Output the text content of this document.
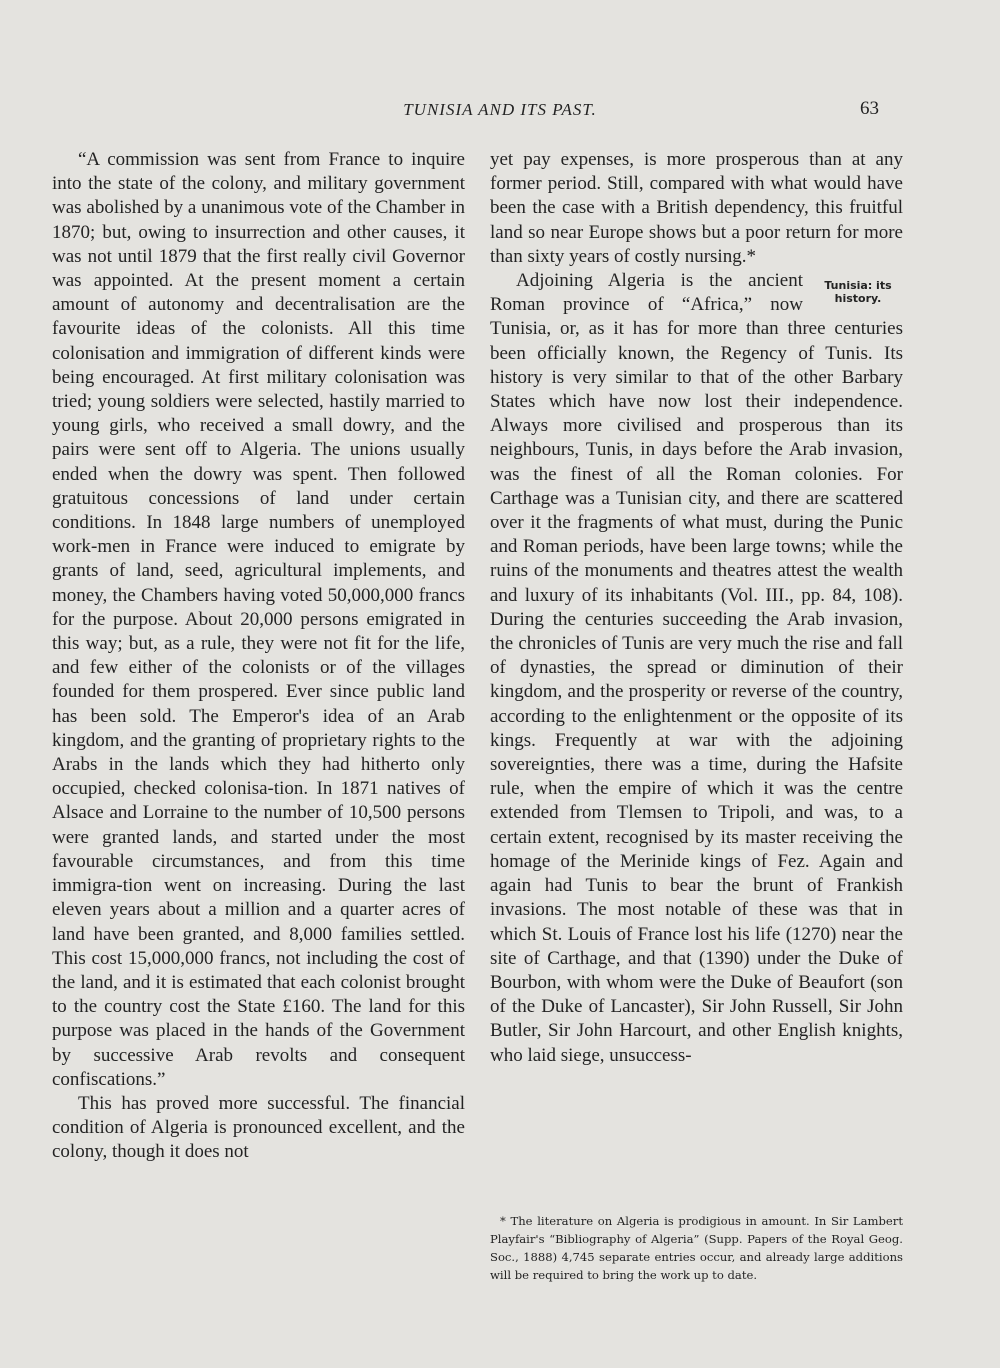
TUNISIA AND ITS PAST.	63

“A commission was sent from France to inquire into the state of the colony, and military government was abolished by a unanimous vote of the Chamber in 1870; but, owing to insurrection and other causes, it was not until 1879 that the first really civil Governor was appointed. At the present moment a certain amount of autonomy and decentralisation are the favourite ideas of the colonists. All this time colonisation and immigration of different kinds were being encouraged. At first military colonisation was tried; young soldiers were selected, hastily married to young girls, who received a small dowry, and the pairs were sent off to Algeria. The unions usually ended when the dowry was spent. Then followed gratuitous concessions of land under certain conditions. In 1848 large numbers of unemployed work-men in France were induced to emigrate by grants of land, seed, agricultural implements, and money, the Chambers having voted 50,000,000 francs for the purpose. About 20,000 persons emigrated in this way; but, as a rule, they were not fit for the life, and few either of the colonists or of the villages founded for them prospered. Ever since public land has been sold. The Emperor's idea of an Arab kingdom, and the granting of proprietary rights to the Arabs in the lands which they had hitherto only occupied, checked colonisa-tion. In 1871 natives of Alsace and Lorraine to the number of 10,500 persons were granted lands, and started under the most favourable circumstances, and from this time immigra-tion went on increasing. During the last eleven years about a million and a quarter acres of land have been granted, and 8,000 families settled. This cost 15,000,000 francs, not including the cost of the land, and it is estimated that each colonist brought to the country cost the State £160. The land for this purpose was placed in the hands of the Government by successive Arab revolts and consequent confiscations.”

This has proved more successful. The financial condition of Algeria is pronounced excellent, and the colony, though it does not

yet pay expenses, is more prosperous than at any former period. Still, compared with what would have been the case with a British dependency, this fruitful land so near Europe shows but a poor return for more than sixty years of costly nursing.*

Tunisia: its history.
Adjoining Algeria is the ancient Roman province of “Africa,” now Tunisia, or, as it has for more than three centuries been officially known, the Regency of Tunis. Its history is very similar to that of the other Barbary States which have now lost their independence. Always more civilised and prosperous than its neighbours, Tunis, in days before the Arab invasion, was the finest of all the Roman colonies. For Carthage was a Tunisian city, and there are scattered over it the fragments of what must, during the Punic and Roman periods, have been large towns; while the ruins of the monuments and theatres attest the wealth and luxury of its inhabitants (Vol. III., pp. 84, 108). During the centuries succeeding the Arab invasion, the chronicles of Tunis are very much the rise and fall of dynasties, the spread or diminution of their kingdom, and the prosperity or reverse of the country, according to the enlightenment or the opposite of its kings. Frequently at war with the adjoining sovereignties, there was a time, during the Hafsite rule, when the empire of which it was the centre extended from Tlemsen to Tripoli, and was, to a certain extent, recognised by its master receiving the homage of the Merinide kings of Fez. Again and again had Tunis to bear the brunt of Frankish invasions. The most notable of these was that in which St. Louis of France lost his life (1270) near the site of Carthage, and that (1390) under the Duke of Bourbon, with whom were the Duke of Beaufort (son of the Duke of Lancaster), Sir John Russell, Sir John Butler, Sir John Harcourt, and other English knights, who laid siege, unsuccess-

* The literature on Algeria is prodigious in amount. In Sir Lambert Playfair's “Bibliography of Algeria” (Supp. Papers of the Royal Geog. Soc., 1888) 4,745 separate entries occur, and already large additions will be required to bring the work up to date.
